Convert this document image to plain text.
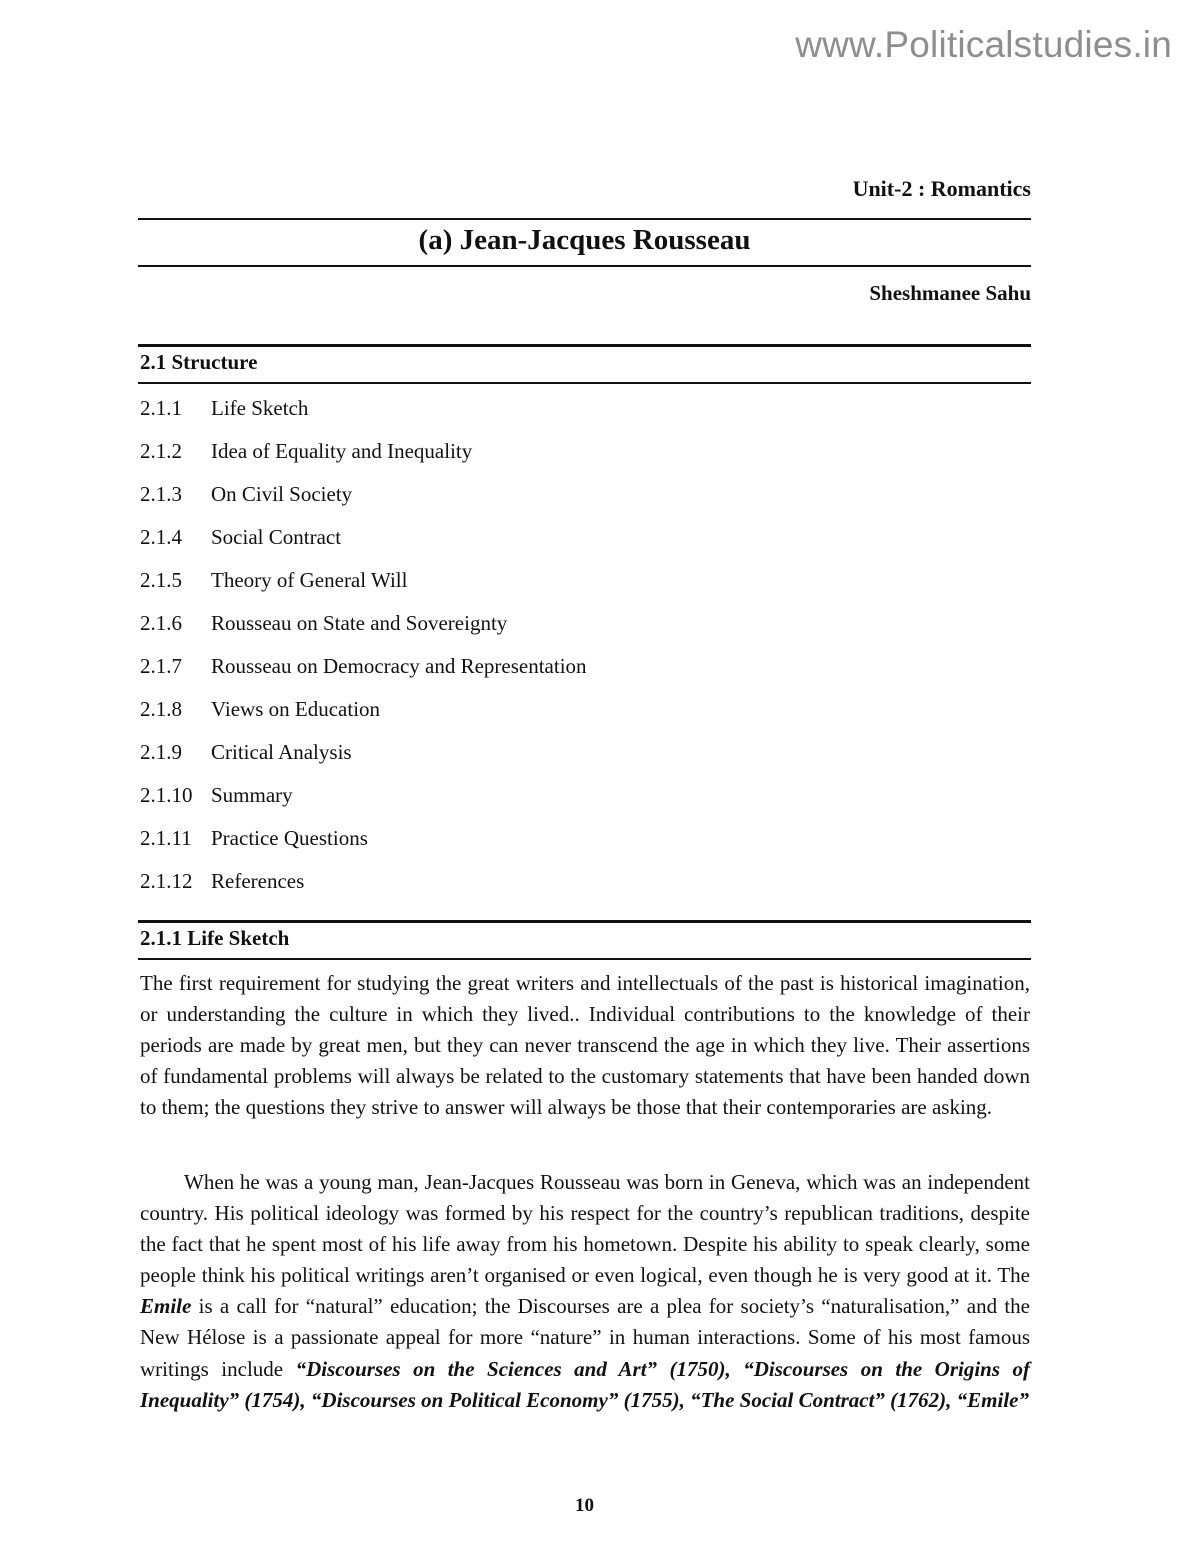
www.Politicalstudies.in
Unit-2 : Romantics
(a) Jean-Jacques Rousseau
Sheshmanee Sahu
2.1 Structure
2.1.1 Life Sketch
2.1.2 Idea of Equality and Inequality
2.1.3 On Civil Society
2.1.4 Social Contract
2.1.5 Theory of General Will
2.1.6 Rousseau on State and Sovereignty
2.1.7 Rousseau on Democracy and Representation
2.1.8 Views on Education
2.1.9 Critical Analysis
2.1.10 Summary
2.1.11 Practice Questions
2.1.12 References
2.1.1 Life Sketch

The first requirement for studying the great writers and intellectuals of the past is historical imagination, or understanding the culture in which they lived.. Individual contributions to the knowledge of their periods are made by great men, but they can never transcend the age in which they live. Their assertions of fundamental problems will always be related to the customary statements that have been handed down to them; the questions they strive to answer will always be those that their contemporaries are asking.

When he was a young man, Jean-Jacques Rousseau was born in Geneva, which was an independent country. His political ideology was formed by his respect for the country’s republican traditions, despite the fact that he spent most of his life away from his hometown. Despite his ability to speak clearly, some people think his political writings aren’t organised or even logical, even though he is very good at it. The Emile is a call for “natural” education; the Discourses are a plea for society’s “naturalisation,” and the New Hélose is a passionate appeal for more “nature” in human interactions. Some of his most famous writings include “Discourses on the Sciences and Art” (1750), “Discourses on the Origins of Inequality” (1754), “Discourses on Political Economy” (1755), “The Social Contract” (1762), “Emile”

10
